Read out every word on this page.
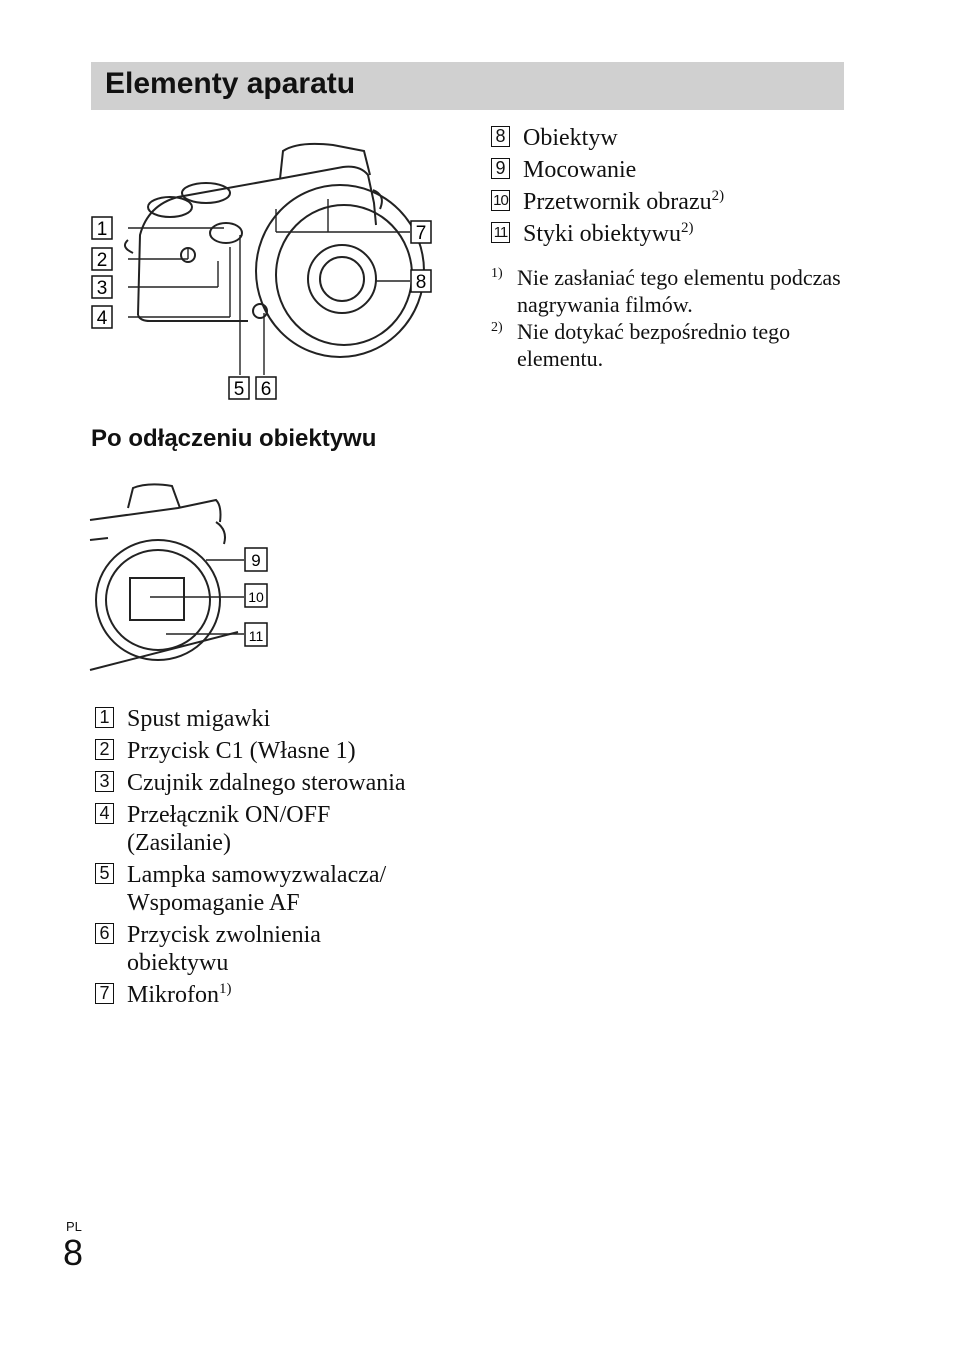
Elementy aparatu
1
2
3
4
5 6
7
8
Po odłączeniu obiektywu
9
10
11
8 Obiektyw
9 Mocowanie
10 Przetwornik obrazu$^{2)}$
11 Styki obiektywu$^{2)}$
1) Nie zasłaniać tego elementu podczas nagrywania filmów.
2) Nie dotykać bezpośrednio tego elementu.
1 Spust migawki
2 Przycisk C1 (Własne 1)
3 Czujnik zdalnego sterowania
4 Przełącznik ON/OFF (Zasilanie)
5 Lampka samowyzwalacza/ Wspomaganie AF
6 Przycisk zwolnienia obiektywu
7 Mikrofon$^{1)}$
PL
8
